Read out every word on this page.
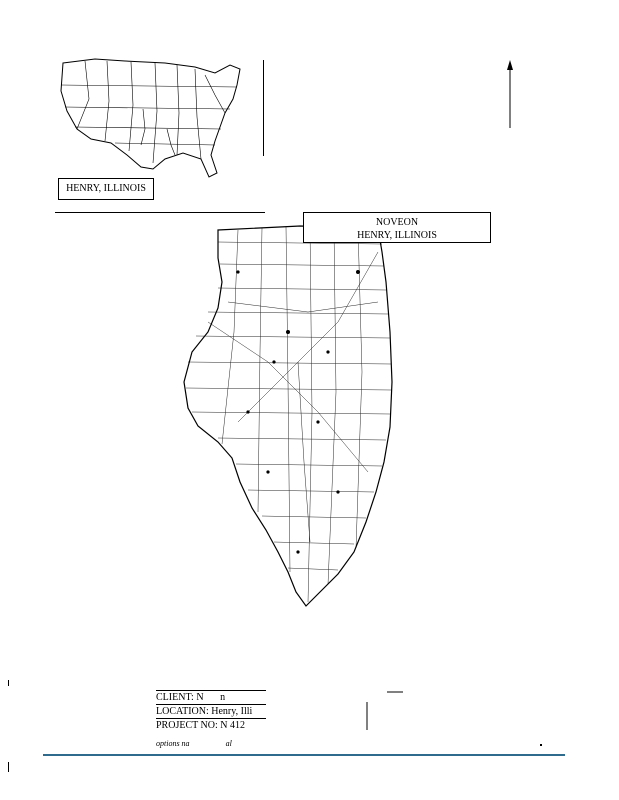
HENRY, ILLINOIS
NOVEON
HENRY, ILLINOIS
CLIENT: N n
LOCATION: Henry, Illi
PROJECT NO: N 412
options na	al
